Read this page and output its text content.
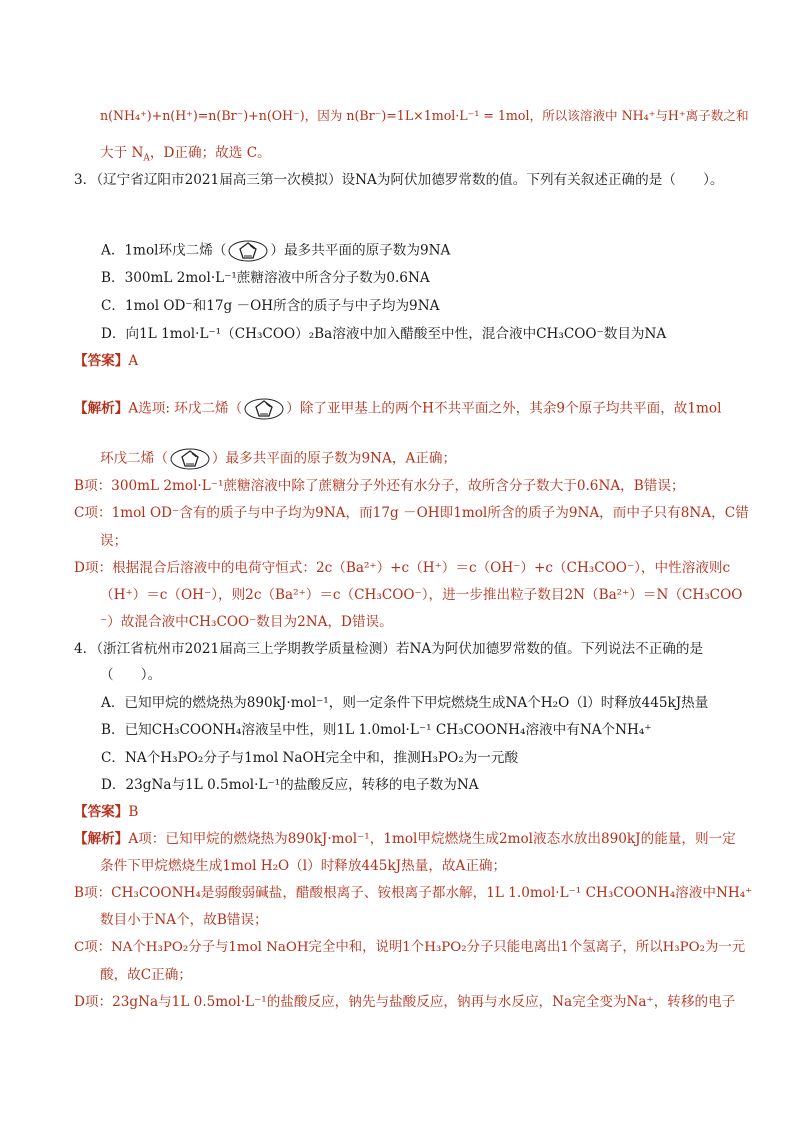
n(NH₄⁺)+n(H⁺)=n(Br⁻)+n(OH⁻)，因为 n(Br⁻)=1L×1mol·L⁻¹ = 1mol，所以该溶液中 NH₄⁺与H⁺离子数之和
大于 $N_A$，D正确；故选 C。
3．（辽宁省辽阳市2021届高三第一次模拟）设NA为阿伏加德罗常数的值。下列有关叙述正确的是（　　）。
A．1mol环戊二烯（	）最多共平面的原子数为9NA
B．300mL 2mol·L⁻¹蔗糖溶液中所含分子数为0.6NA
C．1mol OD⁻和17g －OH所含的质子与中子均为9NA
D．向1L 1mol·L⁻¹（CH₃COO）₂Ba溶液中加入醋酸至中性，混合液中CH₃COO⁻数目为NA
【答案】A
【解析】A选项: 环戊二烯（	）除了亚甲基上的两个H不共平面之外，其余9个原子均共平面，故1mol
环戊二烯（	）最多共平面的原子数为9NA，A正确；
B项：300mL 2mol·L⁻¹蔗糖溶液中除了蔗糖分子外还有水分子，故所含分子数大于0.6NA，B错误；
C项：1mol OD⁻含有的质子与中子均为9NA，而17g －OH即1mol所含的质子为9NA，而中子只有8NA，C错
误；
D项：根据混合后溶液中的电荷守恒式：2c（Ba²⁺）+c（H⁺）＝c（OH⁻）+c（CH₃COO⁻），中性溶液则c
（H⁺）＝c（OH⁻），则2c（Ba²⁺）＝c（CH₃COO⁻），进一步推出粒子数目2N（Ba²⁺）＝N（CH₃COO
⁻）故混合液中CH₃COO⁻数目为2NA，D错误。
4．（浙江省杭州市2021届高三上学期教学质量检测）若NA为阿伏加德罗常数的值。下列说法不正确的是
（　　）。
A．已知甲烷的燃烧热为890kJ·mol⁻¹，则一定条件下甲烷燃烧生成NA个H₂O（l）时释放445kJ热量
B．已知CH₃COONH₄溶液呈中性，则1L 1.0mol·L⁻¹ CH₃COONH₄溶液中有NA个NH₄⁺
C．NA个H₃PO₂分子与1mol NaOH完全中和，推测H₃PO₂为一元酸
D．23gNa与1L 0.5mol·L⁻¹的盐酸反应，转移的电子数为NA
【答案】B
【解析】A项：已知甲烷的燃烧热为890kJ·mol⁻¹，1mol甲烷燃烧生成2mol液态水放出890kJ的能量，则一定
条件下甲烷燃烧生成1mol H₂O（l）时释放445kJ热量，故A正确；
B项：CH₃COONH₄是弱酸弱碱盐，醋酸根离子、铵根离子都水解，1L 1.0mol·L⁻¹ CH₃COONH₄溶液中NH₄⁺
数目小于NA个，故B错误；
C项：NA个H₃PO₂分子与1mol NaOH完全中和，说明1个H₃PO₂分子只能电离出1个氢离子，所以H₃PO₂为一元
酸，故C正确；
D项：23gNa与1L 0.5mol·L⁻¹的盐酸反应，钠先与盐酸反应，钠再与水反应，Na完全变为Na⁺，转移的电子
